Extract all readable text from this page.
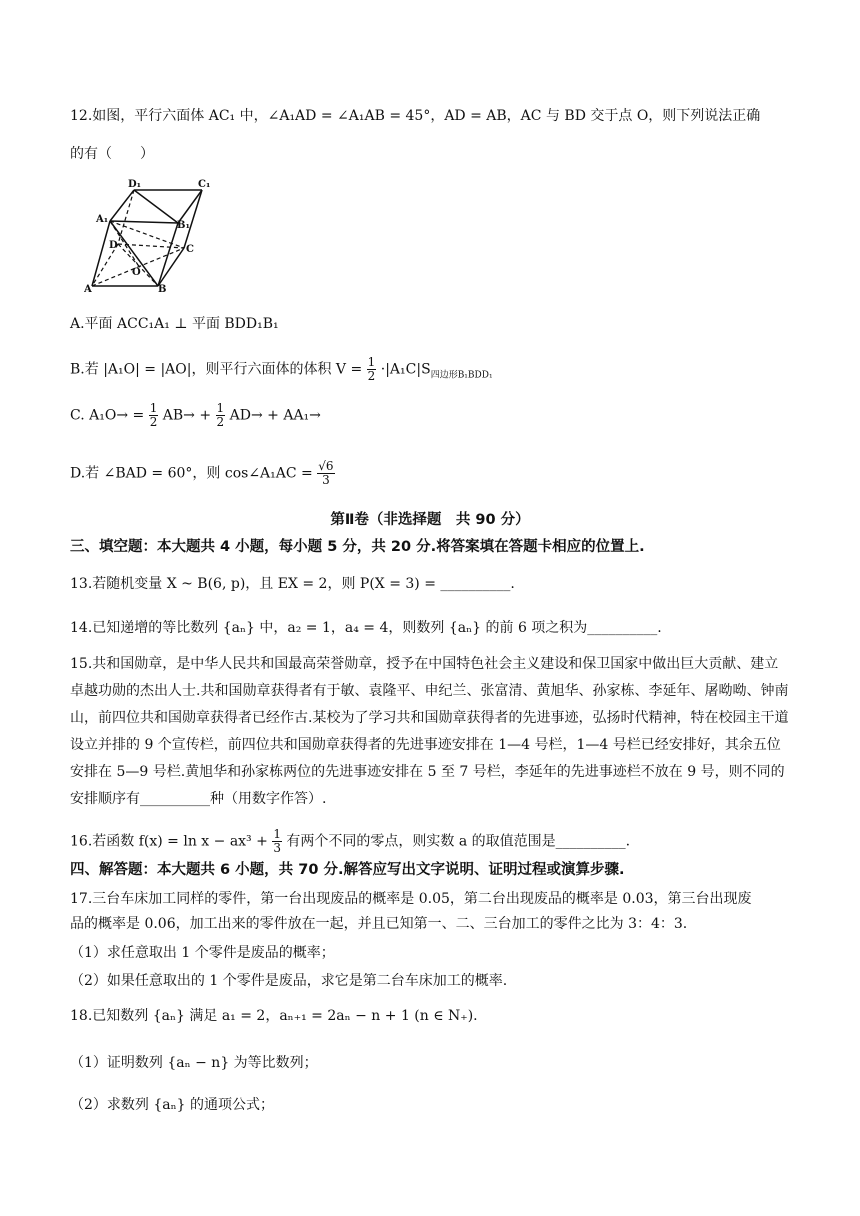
12.如图，平行六面体 AC₁ 中，∠A₁AD = ∠A₁AB = 45°，AD = AB，AC 与 BD 交于点 O，则下列说法正确
的有（　　）
D₁	C₁
A₁
B₁
D	C
O
A	B
A.平面 ACC₁A₁ ⊥ 平面 BDD₁B₁
B.若 |A₁O| = |AO|，则平行六面体的体积 $V = \frac{1}{2} \cdot|A_1C|S_{四边形B_1BDD_1}$
C. $A_1O\to = \frac{1}{2} AB\to + \frac{1}{2} AD\to + AA_1\to$
D.若 ∠BAD = 60°，则 cos∠A₁AC = $\frac{√6}{3}$
第Ⅱ卷（非选择题　共 90 分）
三、填空题：本大题共 4 小题，每小题 5 分，共 20 分.将答案填在答题卡相应的位置上.
13.若随机变量 X ~ B(6, p)，且 EX = 2，则 P(X = 3) = __________.
14.已知递增的等比数列 {aₙ} 中，a₂ = 1，a₄ = 4，则数列 {aₙ} 的前 6 项之积为__________.
15.共和国勋章，是中华人民共和国最高荣誉勋章，授予在中国特色社会主义建设和保卫国家中做出巨大贡献、建立卓越功勋的杰出人士.共和国勋章获得者有于敏、袁隆平、申纪兰、张富清、黄旭华、孙家栋、李延年、屠呦呦、钟南山，前四位共和国勋章获得者已经作古.某校为了学习共和国勋章获得者的先进事迹，弘扬时代精神，特在校园主干道设立并排的 9 个宣传栏，前四位共和国勋章获得者的先进事迹安排在 1—4 号栏，1—4 号栏已经安排好，其余五位安排在 5—9 号栏.黄旭华和孙家栋两位的先进事迹安排在 5 至 7 号栏，李延年的先进事迹栏不放在 9 号，则不同的安排顺序有__________种（用数字作答）.
16.若函数 $f(x) = \ln x - ax^3 + \frac{1}{3}$ 有两个不同的零点，则实数 a 的取值范围是__________.
四、解答题：本大题共 6 小题，共 70 分.解答应写出文字说明、证明过程或演算步骤.
17.三台车床加工同样的零件，第一台出现废品的概率是 0.05，第二台出现废品的概率是 0.03，第三台出现废
品的概率是 0.06，加工出来的零件放在一起，并且已知第一、二、三台加工的零件之比为 3：4：3.
（1）求任意取出 1 个零件是废品的概率；
（2）如果任意取出的 1 个零件是废品，求它是第二台车床加工的概率.
18.已知数列 {aₙ} 满足 a₁ = 2，aₙ₊₁ = 2aₙ − n + 1 (n ∈ N₊).
（1）证明数列 {aₙ − n} 为等比数列；
（2）求数列 {aₙ} 的通项公式；
